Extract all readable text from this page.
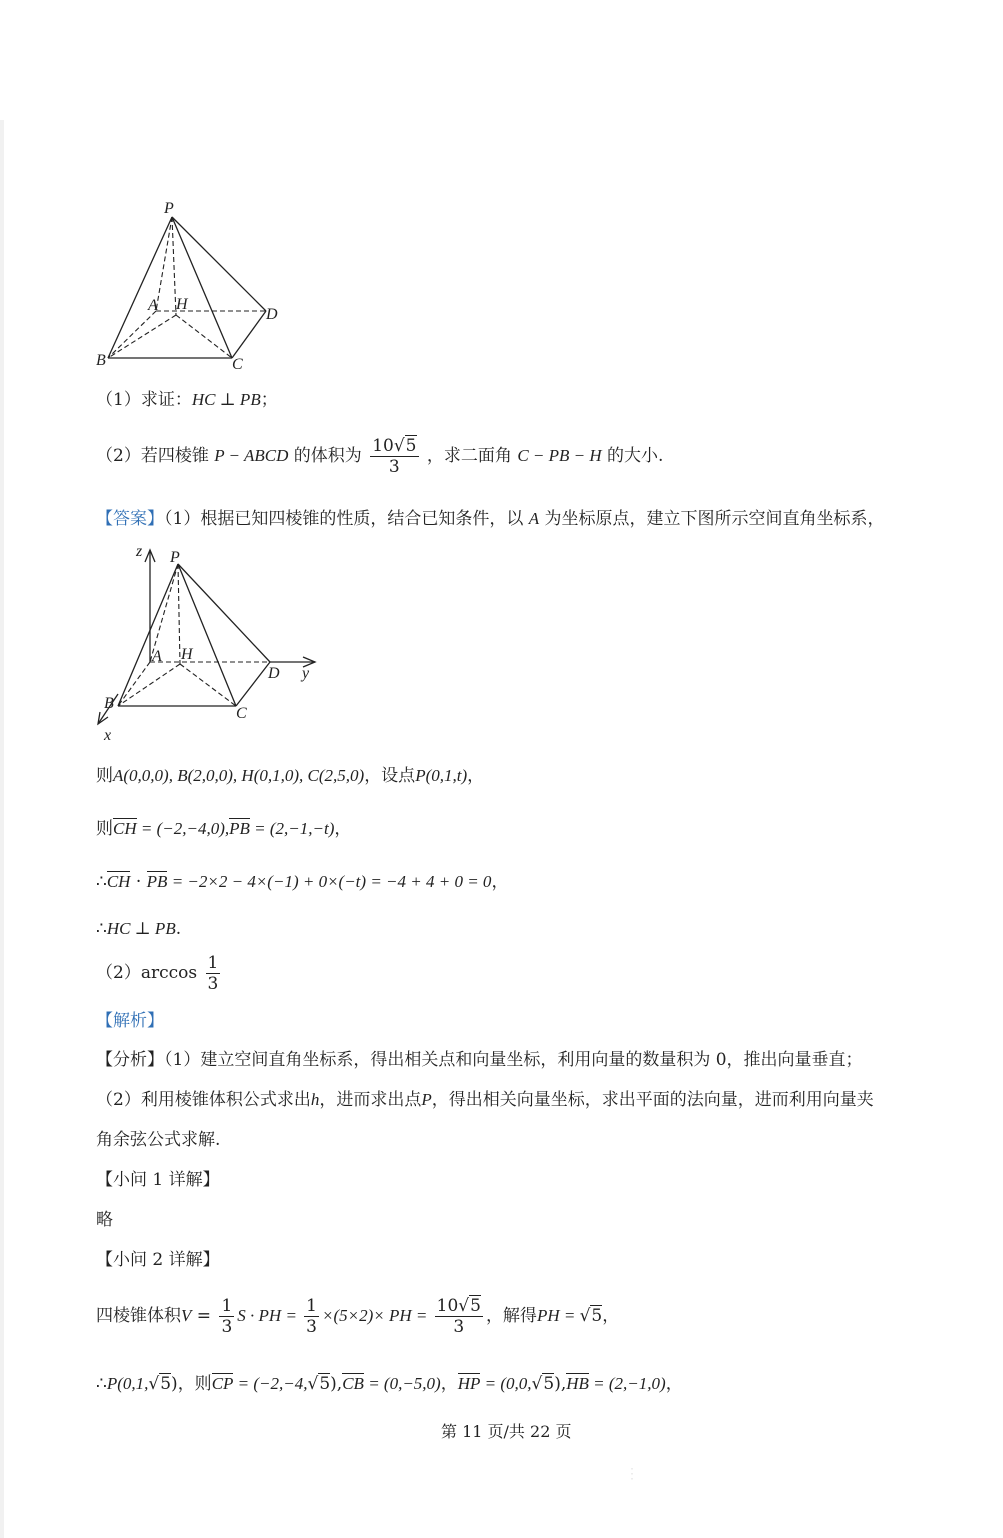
P
A H
D
B	C
（1）求证：HC ⊥ PB；
（2）若四棱锥 P − ABCD 的体积为 $\frac{10√5}{3}$ ，求二面角 C − PB − H 的大小.
【答案】（1）根据已知四棱锥的性质，结合已知条件，以 A 为坐标原点，建立下图所示空间直角坐标系，
z P
A H
D y
B
C
x
则A(0,0,0), B(2,0,0), H(0,1,0), C(2,5,0)，设点P(0,1,t)，
则CH = (−2,−4,0),PB = (2,−1,−t)，
∴CH · PB = −2×2 − 4×(−1) + 0×(−t) = −4 + 4 + 0 = 0，
∴HC ⊥ PB.
$(2)\arccos \frac{1}{3}$
【解析】
【分析】（1）建立空间直角坐标系，得出相关点和向量坐标，利用向量的数量积为 0，推出向量垂直；
（2）利用棱锥体积公式求出h，进而求出点P，得出相关向量坐标，求出平面的法向量，进而利用向量夹
角余弦公式求解.
【小问 1 详解】
略
【小问 2 详解】
四棱锥体积$V = \frac{1}{3}$ S · PH = $\frac{1}{3} \times(5\times 2)\times$ PH = $\frac{10√5}{3}$ ，解得PH = √5，
∴P(0,1,√5)，则CP = (−2,−4,√5),CB = (0,−5,0)，HP = (0,0,√5),HB = (2,−1,0)，
第 11 页/共 22 页
⋮
